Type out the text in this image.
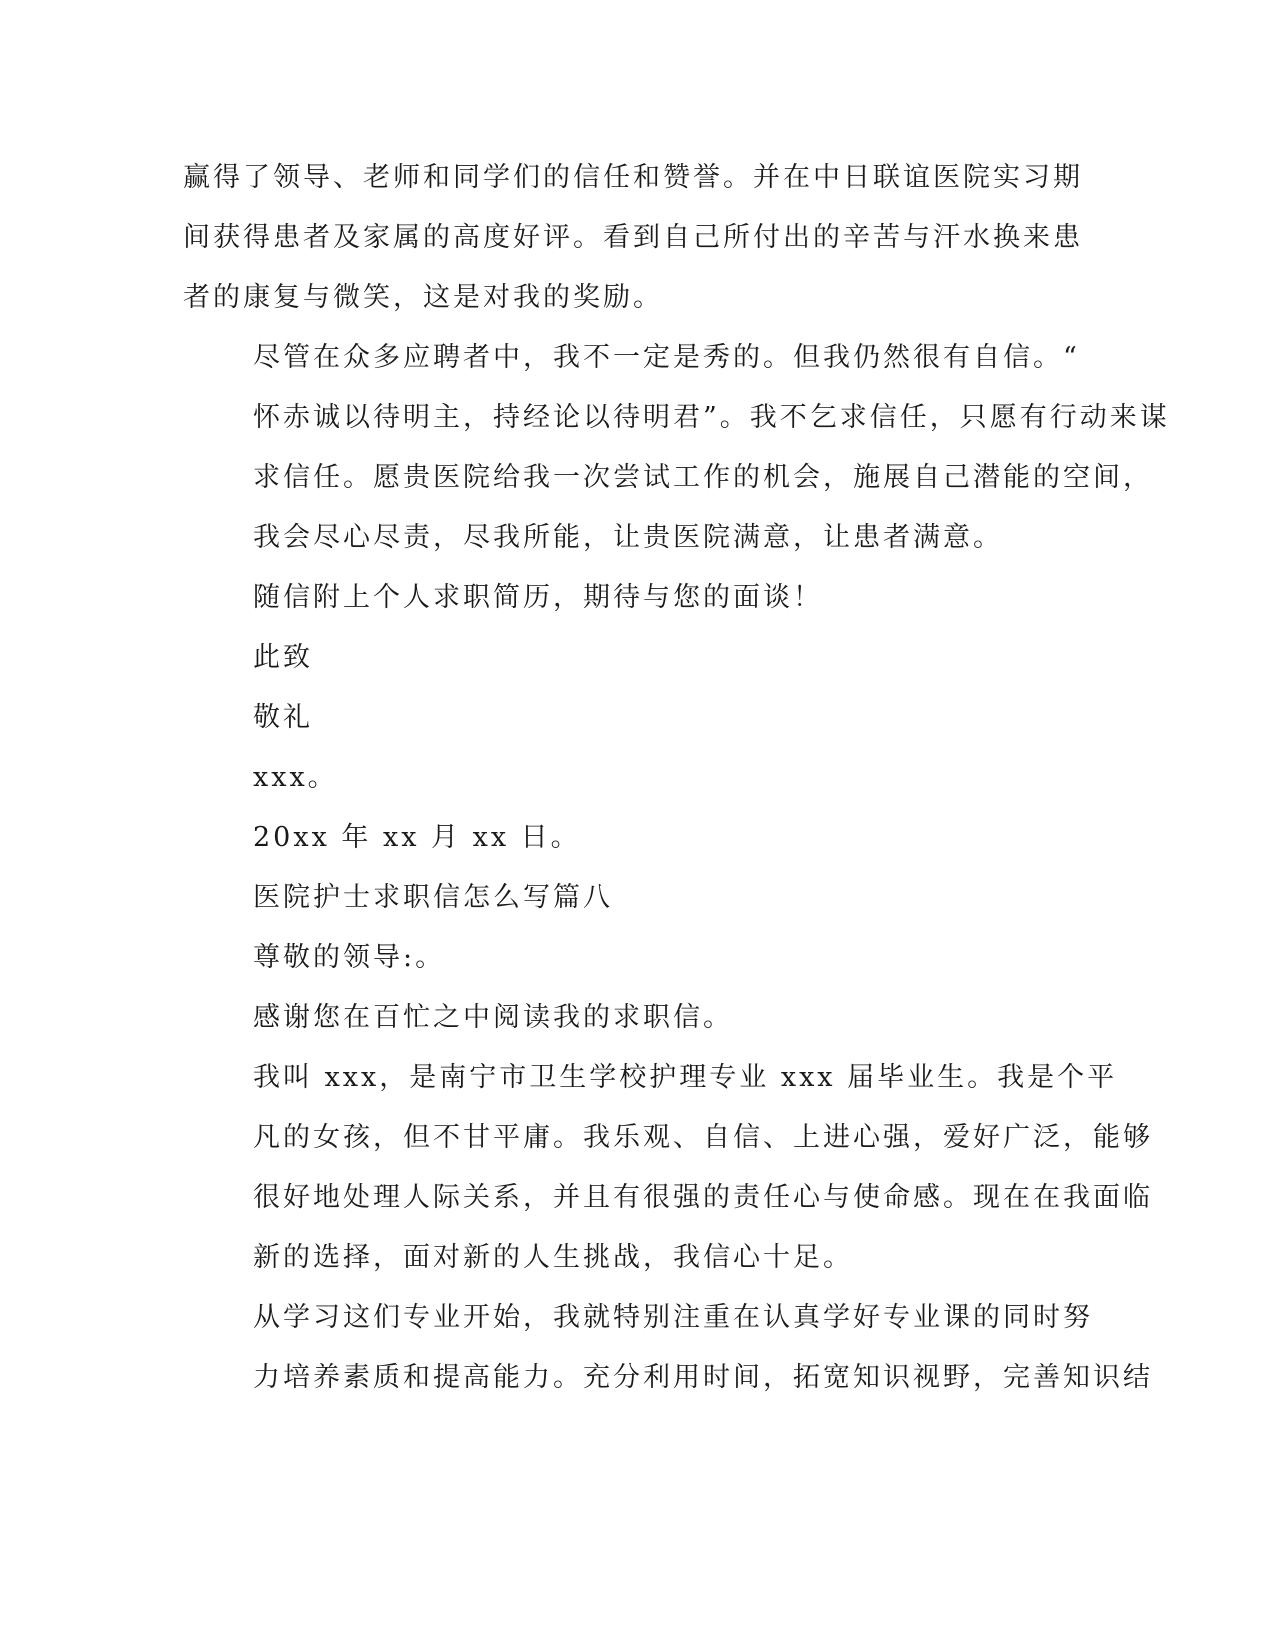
赢得了领导、老师和同学们的信任和赞誉。并在中日联谊医院实习期
间获得患者及家属的高度好评。看到自己所付出的辛苦与汗水换来患
者的康复与微笑，这是对我的奖励。
尽管在众多应聘者中，我不一定是秀的。但我仍然很有自信。“
怀赤诚以待明主，持经论以待明君”。我不乞求信任，只愿有行动来谋
求信任。愿贵医院给我一次尝试工作的机会，施展自己潜能的空间，
我会尽心尽责，尽我所能，让贵医院满意，让患者满意。
随信附上个人求职简历，期待与您的面谈！
此致
敬礼
xxx。
20xx 年 xx 月 xx 日。
医院护士求职信怎么写篇八
尊敬的领导:。
感谢您在百忙之中阅读我的求职信。
我叫 xxx，是南宁市卫生学校护理专业 xxx 届毕业生。我是个平
凡的女孩，但不甘平庸。我乐观、自信、上进心强，爱好广泛，能够
很好地处理人际关系，并且有很强的责任心与使命感。现在在我面临
新的选择，面对新的人生挑战，我信心十足。
从学习这们专业开始，我就特别注重在认真学好专业课的同时努
力培养素质和提高能力。充分利用时间，拓宽知识视野，完善知识结
